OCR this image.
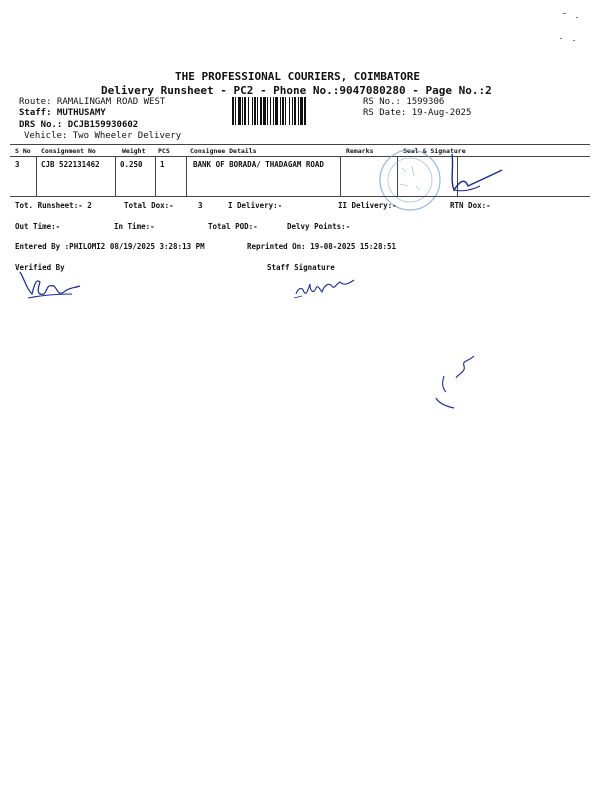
THE PROFESSIONAL COURIERS, COIMBATORE
Delivery Runsheet - PC2 - Phone No.:9047080280 - Page No.:2
Route: RAMALINGAM ROAD WEST
Staff: MUTHUSAMY
DRS No.: DCJB159930602
Vehicle: Two Wheeler Delivery
RS No.: 1599306
RS Date: 19-Aug-2025
S No Consignment No	Weight PCS	Consignee Details	Remarks	Seal & Signature
3	CJB 522131462	0.250 1	BANK OF BORADA/ THADAGAM ROAD
Tot. Runsheet:- 2	Total Dox:-	3	I Delivery:-	II Delivery:-	RTN Dox:-
Out Time:-	In Time:-	Total POD:-	Delvy Points:-
Entered By :PHILOMI2 08/19/2025 3:28:13 PM	Reprinted On: 19-08-2025 15:28:51
Verified By	Staff Signature
